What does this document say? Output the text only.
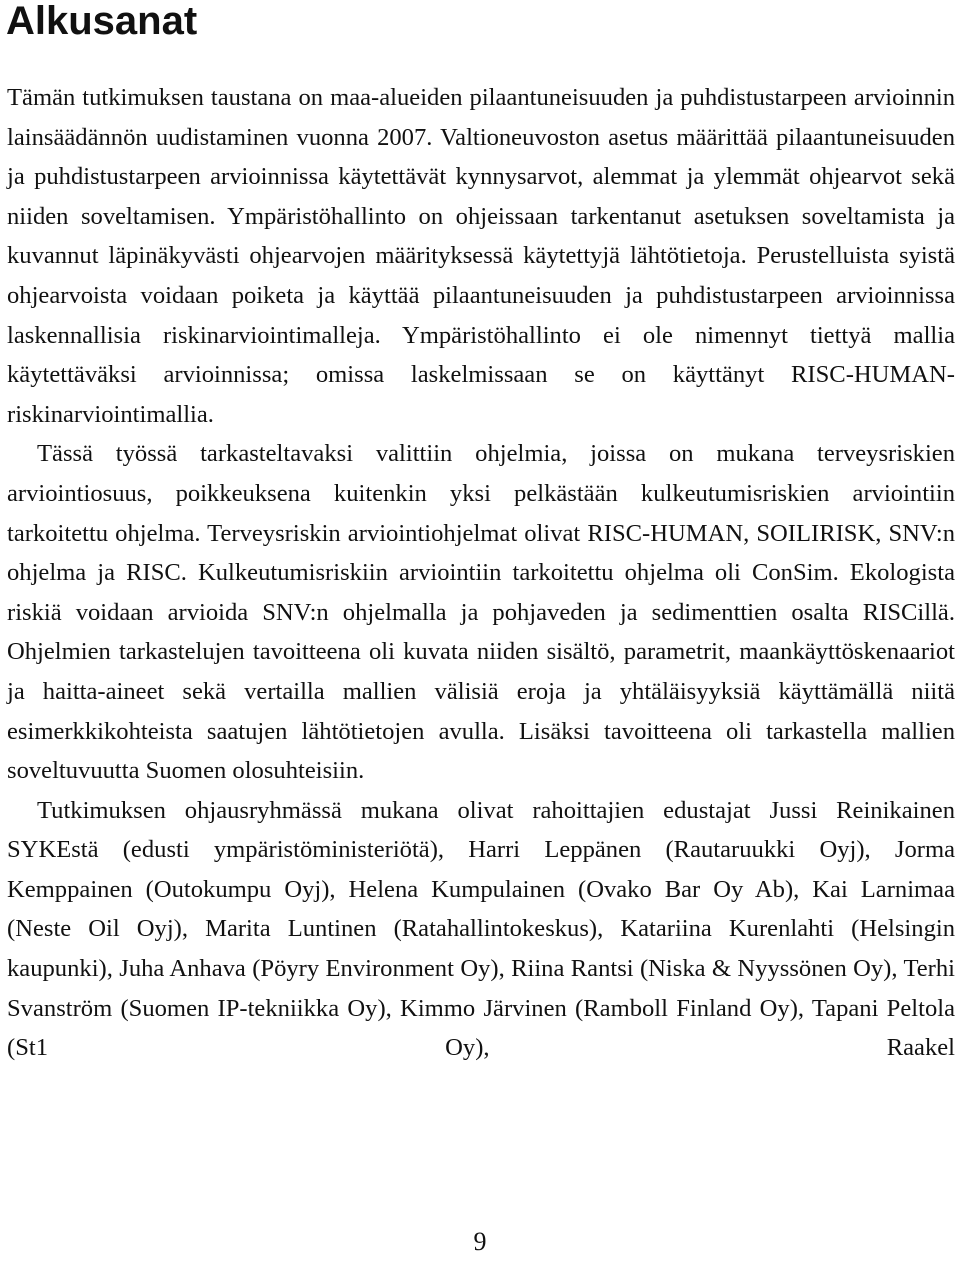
Alkusanat

Tämän tutkimuksen taustana on maa-alueiden pilaantuneisuuden ja puhdistustarpeen arvioinnin lainsäädännön uudistaminen vuonna 2007. Valtioneuvoston asetus määrittää pilaantuneisuuden ja puhdistustarpeen arvioinnissa käytettävät kynnysarvot, alemmat ja ylemmät ohjearvot sekä niiden soveltamisen. Ympäristöhallinto on ohjeissaan tarkentanut asetuksen soveltamista ja kuvannut läpinäkyvästi ohjearvojen määrityksessä käytettyjä lähtötietoja. Perustelluista syistä ohjearvoista voidaan poiketa ja käyttää pilaantuneisuuden ja puhdistustarpeen arvioinnissa laskennallisia riskinarviointimalleja. Ympäristöhallinto ei ole nimennyt tiettyä mallia käytettäväksi arvioinnissa; omissa laskelmissaan se on käyttänyt RISC-HUMAN-riskinarviointimallia.

Tässä työssä tarkasteltavaksi valittiin ohjelmia, joissa on mukana terveysriskien arviointiosuus, poikkeuksena kuitenkin yksi pelkästään kulkeutumisriskien arviointiin tarkoitettu ohjelma. Terveysriskin arviointiohjelmat olivat RISC-HUMAN, SOILIRISK, SNV:n ohjelma ja RISC. Kulkeutumisriskiin arviointiin tarkoitettu ohjelma oli ConSim. Ekologista riskiä voidaan arvioida SNV:n ohjelmalla ja pohjaveden ja sedimenttien osalta RISCillä. Ohjelmien tarkastelujen tavoitteena oli kuvata niiden sisältö, parametrit, maankäyttöskenaariot ja haitta-aineet sekä vertailla mallien välisiä eroja ja yhtäläisyyksiä käyttämällä niitä esimerkkikohteista saatujen lähtötietojen avulla. Lisäksi tavoitteena oli tarkastella mallien soveltuvuutta Suomen olosuhteisiin.

Tutkimuksen ohjausryhmässä mukana olivat rahoittajien edustajat Jussi Reinikainen SYKEstä (edusti ympäristöministeriötä), Harri Leppänen (Rautaruukki Oyj), Jorma Kemppainen (Outokumpu Oyj), Helena Kumpulainen (Ovako Bar Oy Ab), Kai Larnimaa (Neste Oil Oyj), Marita Luntinen (Ratahallintokeskus), Katariina Kurenlahti (Helsingin kaupunki), Juha Anhava (Pöyry Environment Oy), Riina Rantsi (Niska & Nyyssönen Oy), Terhi Svanström (Suomen IP-tekniikka Oy), Kimmo Järvinen (Ramboll Finland Oy), Tapani Peltola (St1 Oy), Raakel

9
